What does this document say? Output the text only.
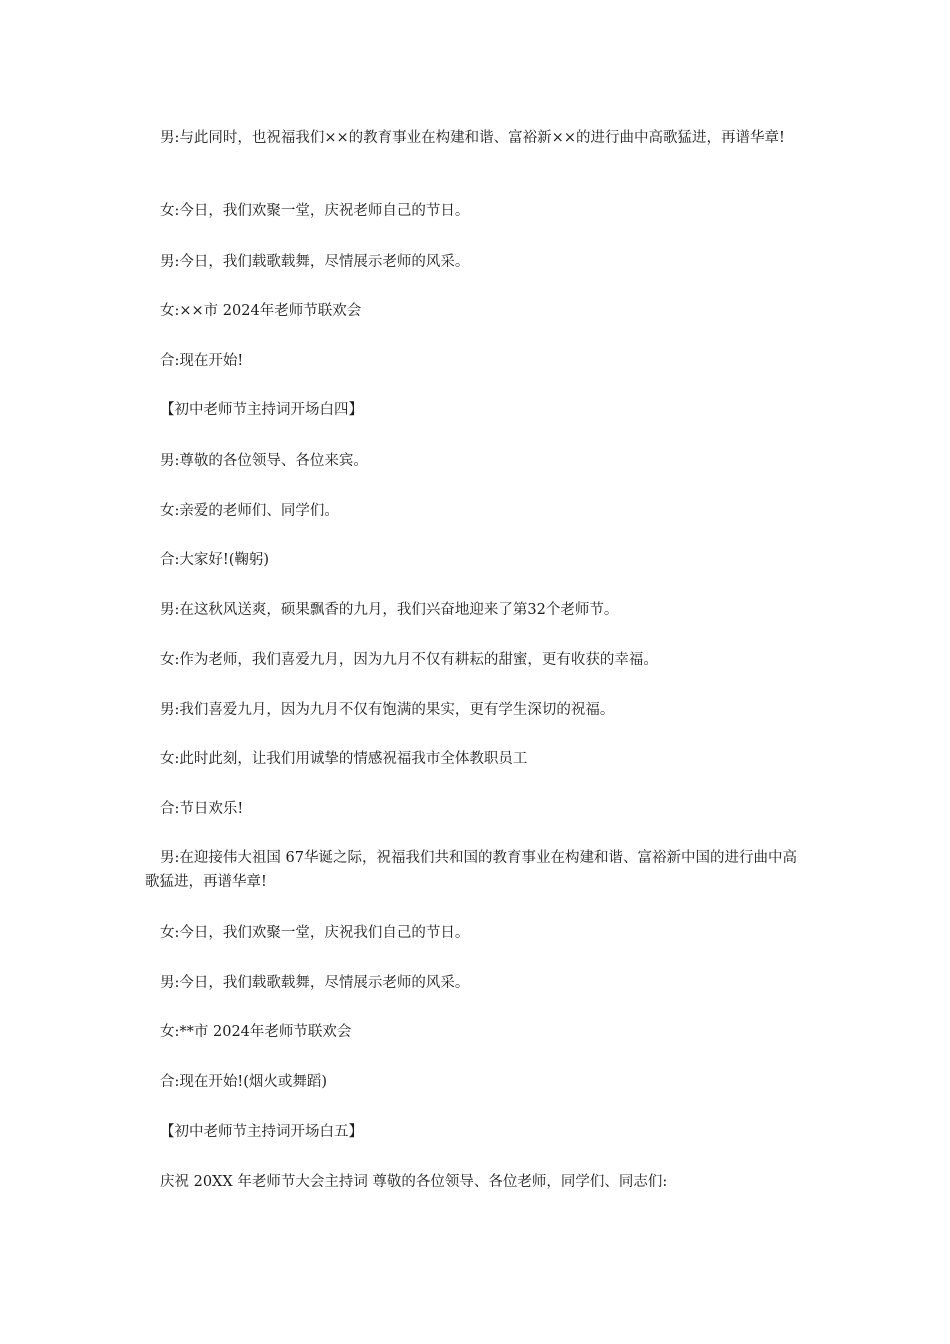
男:与此同时，也祝福我们××的教育事业在构建和谐、富裕新××的进行曲中高歌猛进，再谱华章!

女:今日，我们欢聚一堂，庆祝老师自己的节日。

男:今日，我们载歌载舞，尽情展示老师的风采。

女:××市 2024年老师节联欢会

合:现在开始!

【初中老师节主持词开场白四】

男:尊敬的各位领导、各位来宾。

女:亲爱的老师们、同学们。

合:大家好!(鞠躬)

男:在这秋风送爽，硕果飘香的九月，我们兴奋地迎来了第32个老师节。

女:作为老师，我们喜爱九月，因为九月不仅有耕耘的甜蜜，更有收获的幸福。

男:我们喜爱九月，因为九月不仅有饱满的果实，更有学生深切的祝福。

女:此时此刻，让我们用诚挚的情感祝福我市全体教职员工

合:节日欢乐!

男:在迎接伟大祖国 67华诞之际，祝福我们共和国的教育事业在构建和谐、富裕新中国的进行曲中高歌猛进，再谱华章!

女:今日，我们欢聚一堂，庆祝我们自己的节日。

男:今日，我们载歌载舞，尽情展示老师的风采。

女:**市 2024年老师节联欢会

合:现在开始!(烟火或舞蹈)

【初中老师节主持词开场白五】

庆祝 20XX 年老师节大会主持词 尊敬的各位领导、各位老师，同学们、同志们:
